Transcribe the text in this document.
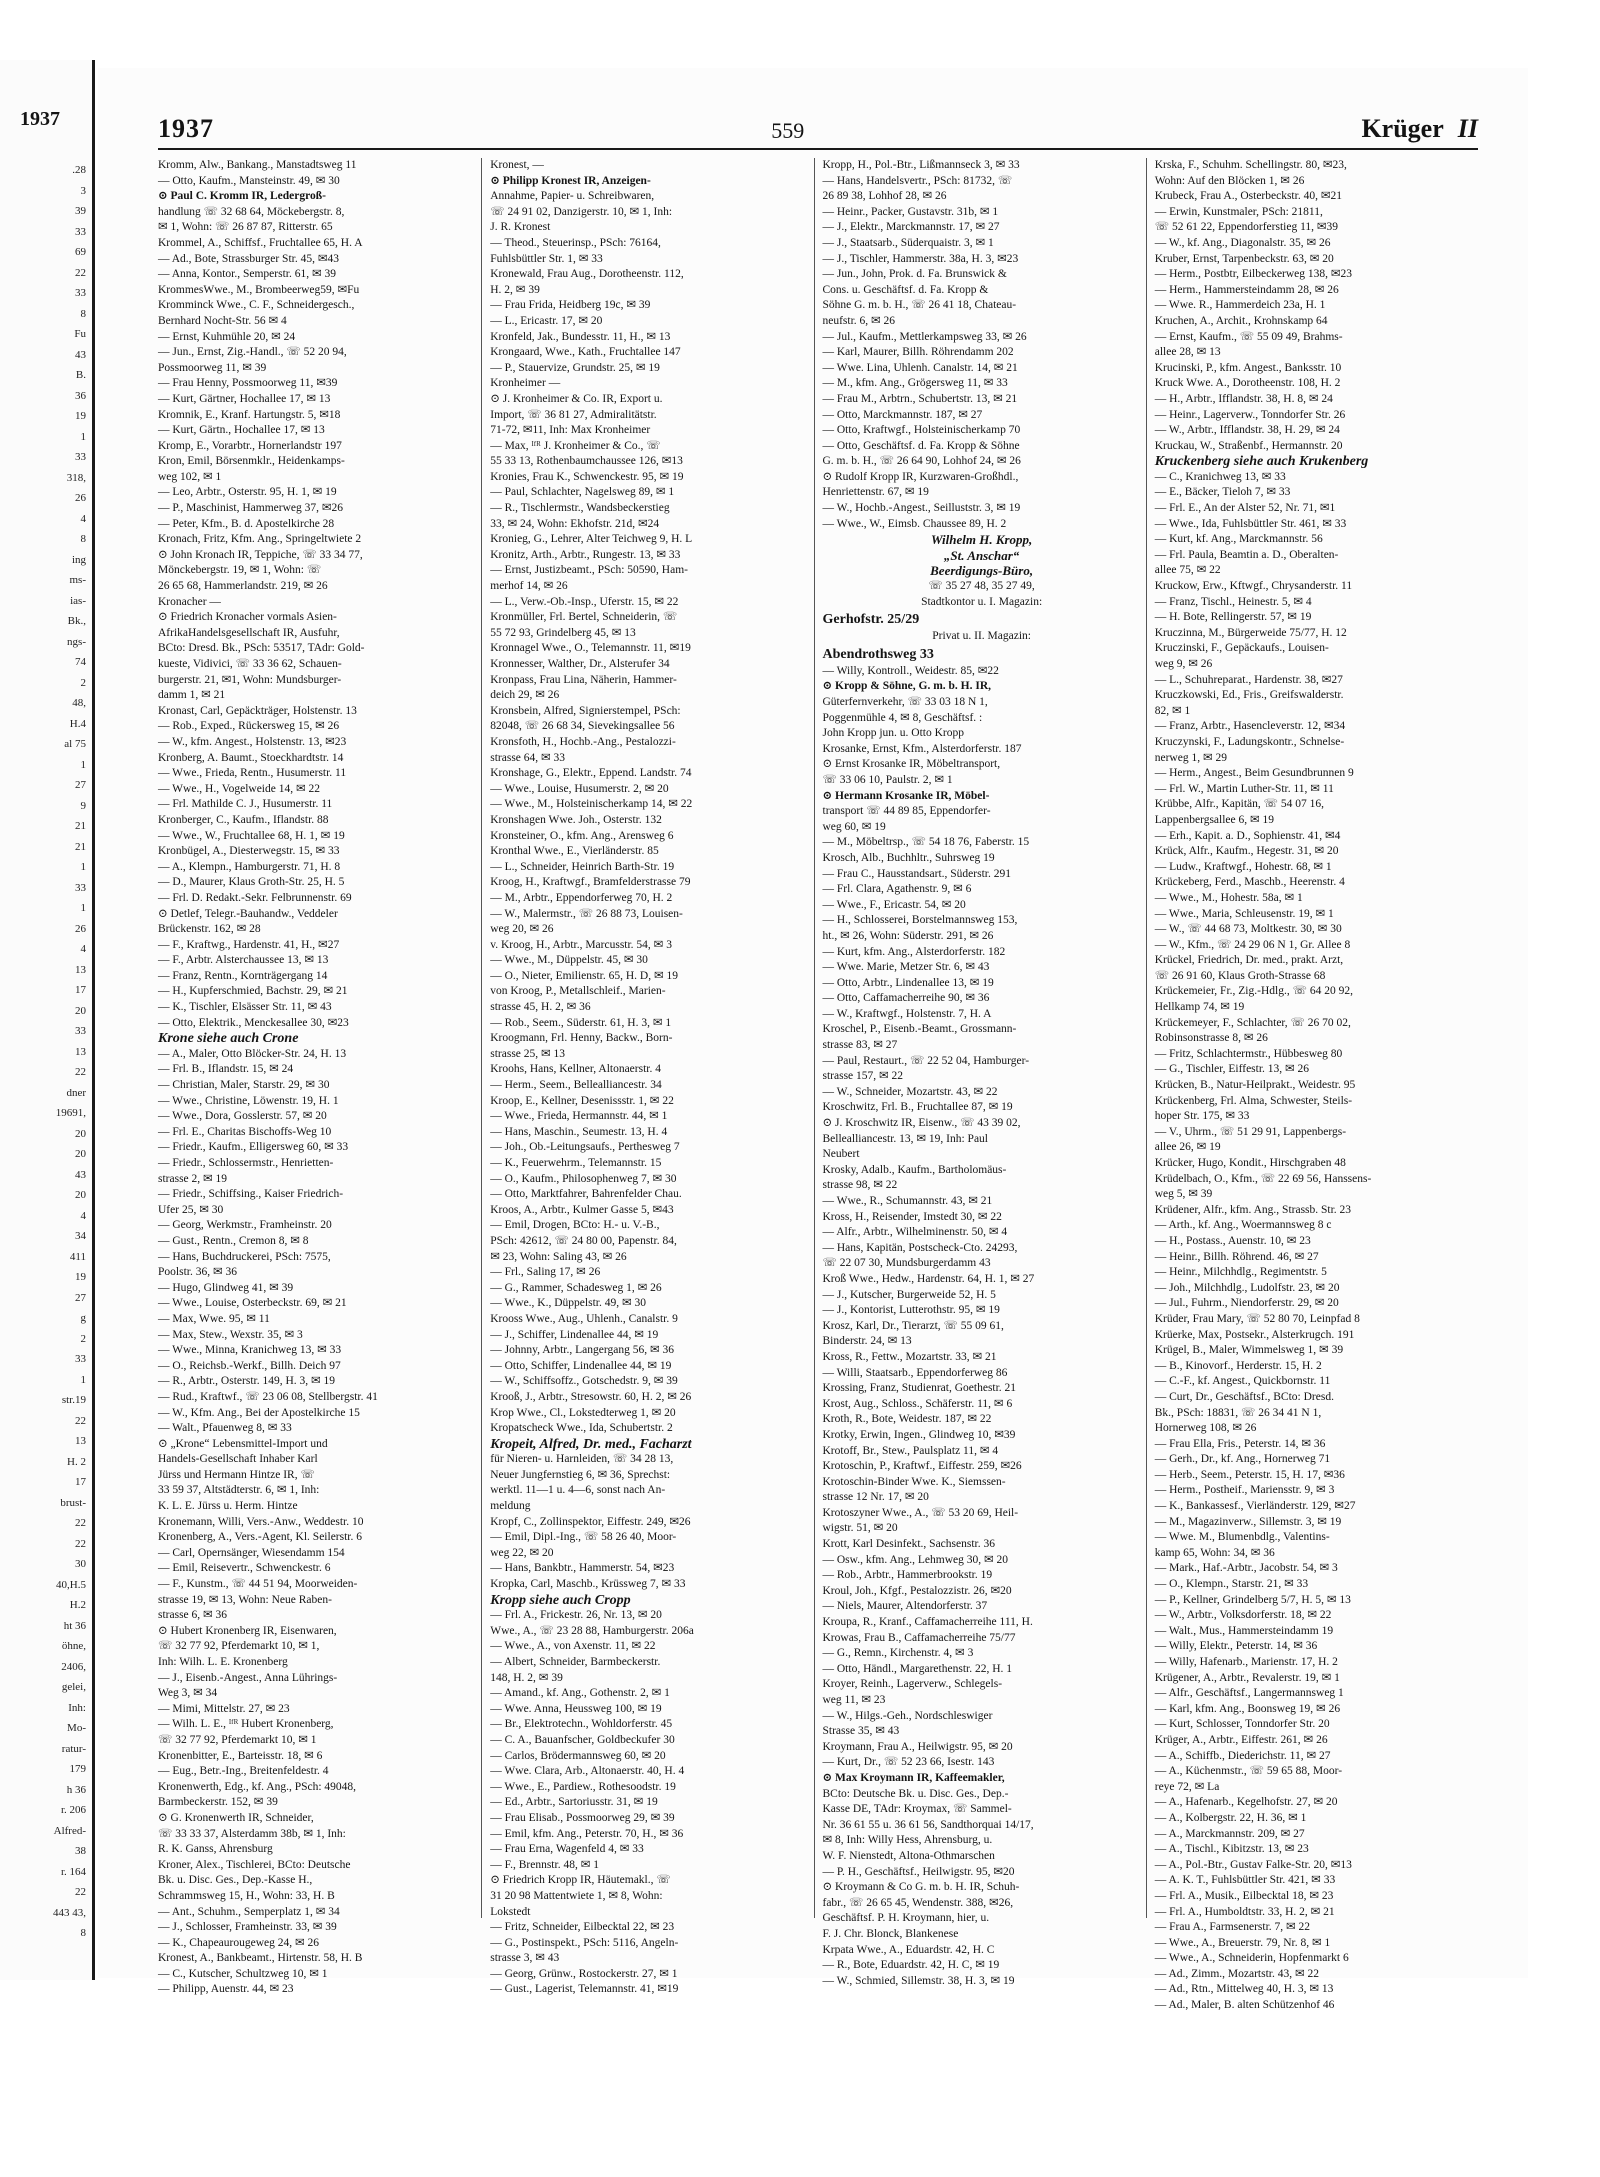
1937
.28
3
39
33
69
22
33
8
Fu
43
B.
36
19
1
33
318,
26
4
8
ing
ms-
ias-
Bk.,
ngs-
74
2
48,
H.4
al 75
1
27
9
21
21
1
33
1
26
4
13
17
20
33
13
22
dner
19691,
20
20
43
20
4
34
411
19
27
g
2
33
1
str.19
22
13
H. 2
17
brust-
22
22
30
40,H.5
H.2
ht 36
öhne,
2406,
gelei,
Inh:
Mo-
ratur-
179
h 36
r. 206
Alfred-
38
r. 164
22
443 43,
8
1937	559	Krüger II

Kromm, Alw., Bankang., Manstadtsweg 11

— Otto, Kaufm., Mansteinstr. 49, ✉ 30

⊙ Paul C. Kromm IR, Ledergroß-

handlung ☏ 32 68 64, Möckebergstr. 8,

✉ 1, Wohn: ☏ 26 87 87, Ritterstr. 65

Krommel, A., Schiffsf., Fruchtallee 65, H. A

— Ad., Bote, Strassburger Str. 45, ✉43

— Anna, Kontor., Semperstr. 61, ✉ 39

KrommesWwe., M., Brombeerweg59, ✉Fu

Kromminck Wwe., C. F., Schneidergesch.,

Bernhard Nocht-Str. 56 ✉ 4

— Ernst, Kuhmühle 20, ✉ 24

— Jun., Ernst, Zig.-Handl., ☏ 52 20 94,

Possmoorweg 11, ✉ 39

— Frau Henny, Possmoorweg 11, ✉39

— Kurt, Gärtner, Hochallee 17, ✉ 13

Kromnik, E., Kranf. Hartungstr. 5, ✉18

— Kurt, Gärtn., Hochallee 17, ✉ 13

Kromp, E., Vorarbtr., Hornerlandstr 197

Kron, Emil, Börsenmklr., Heidenkamps-

weg 102, ✉ 1

— Leo, Arbtr., Osterstr. 95, H. 1, ✉ 19

— P., Maschinist, Hammerweg 37, ✉26

— Peter, Kfm., B. d. Apostelkirche 28

Kronach, Fritz, Kfm. Ang., Springeltwiete 2

⊙ John Kronach IR, Teppiche, ☏ 33 34 77,

Mönckebergstr. 19, ✉ 1, Wohn: ☏

26 65 68, Hammerlandstr. 219, ✉ 26

Kronacher —

⊙ Friedrich Kronacher vormals Asien-

AfrikaHandelsgesellschaft IR, Ausfuhr,

BCto: Dresd. Bk., PSch: 53517, TAdr: Gold-

kueste, Vidivici, ☏ 33 36 62, Schauen-

burgerstr. 21, ✉1, Wohn: Mundsburger-

damm 1, ✉ 21

Kronast, Carl, Gepäckträger, Holstenstr. 13

— Rob., Exped., Rückersweg 15, ✉ 26

— W., kfm. Angest., Holstenstr. 13, ✉23

Kronberg, A. Baumt., Stoeckhardtstr. 14

— Wwe., Frieda, Rentn., Husumerstr. 11

— Wwe., H., Vogelweide 14, ✉ 22

— Frl. Mathilde C. J., Husumerstr. 11

Kronberger, C., Kaufm., Iflandstr. 88

— Wwe., W., Fruchtallee 68, H. 1, ✉ 19

Kronbügel, A., Diesterwegstr. 15, ✉ 33

— A., Klempn., Hamburgerstr. 71, H. 8

— D., Maurer, Klaus Groth-Str. 25, H. 5

— Frl. D. Redakt.-Sekr. Felbrunnenstr. 69

⊙ Detlef, Telegr.-Bauhandw., Veddeler

Brückenstr. 162, ✉ 28

— F., Kraftwg., Hardenstr. 41, H., ✉27

— F., Arbtr. Alsterchaussee 13, ✉ 13

— Franz, Rentn., Kornträgergang 14

— H., Kupferschmied, Bachstr. 29, ✉ 21

— K., Tischler, Elsässer Str. 11, ✉ 43

— Otto, Elektrik., Menckesallee 30, ✉23

Krone siehe auch Crone

— A., Maler, Otto Blöcker-Str. 24, H. 13

— Frl. B., Iflandstr. 15, ✉ 24

— Christian, Maler, Starstr. 29, ✉ 30

— Wwe., Christine, Löwenstr. 19, H. 1

— Wwe., Dora, Gosslerstr. 57, ✉ 20

— Frl. E., Charitas Bischoffs-Weg 10

— Friedr., Kaufm., Elligersweg 60, ✉ 33

— Friedr., Schlossermstr., Henrietten-

strasse 2, ✉ 19

— Friedr., Schiffsing., Kaiser Friedrich-

Ufer 25, ✉ 30

— Georg, Werkmstr., Framheinstr. 20

— Gust., Rentn., Cremon 8, ✉ 8

— Hans, Buchdruckerei, PSch: 7575,

Poolstr. 36, ✉ 36

— Hugo, Glindweg 41, ✉ 39

— Wwe., Louise, Osterbeckstr. 69, ✉ 21

— Max, Wwe. 95, ✉ 11

— Max, Stew., Wexstr. 35, ✉ 3

— Wwe., Minna, Kranichweg 13, ✉ 33

— O., Reichsb.-Werkf., Billh. Deich 97

— R., Arbtr., Osterstr. 149, H. 3, ✉ 19

— Rud., Kraftwf., ☏ 23 06 08, Stellbergstr. 41

— W., Kfm. Ang., Bei der Apostelkirche 15

— Walt., Pfauenweg 8, ✉ 33

⊙ „Krone“ Lebensmittel-Import und

Handels-Gesellschaft Inhaber Karl

Jürss und Hermann Hintze IR, ☏

33 59 37, Altstädterstr. 6, ✉ 1, Inh:

K. L. E. Jürss u. Herm. Hintze

Kronemann, Willi, Vers.-Anw., Weddestr. 10

Kronenberg, A., Vers.-Agent, Kl. Seilerstr. 6

— Carl, Opernsänger, Wiesendamm 154

— Emil, Reisevertr., Schwenckestr. 6

— F., Kunstm., ☏ 44 51 94, Moorweiden-

strasse 19, ✉ 13, Wohn: Neue Raben-

strasse 6, ✉ 36

⊙ Hubert Kronenberg IR, Eisenwaren,

☏ 32 77 92, Pferdemarkt 10, ✉ 1,

Inh: Wilh. L. E. Kronenberg

— J., Eisenb.-Angest., Anna Lührings-

Weg 3, ✉ 34

— Mimi, Mittelstr. 27, ✉ 23

— Wilh. L. E., ᴵᶠᴿ Hubert Kronenberg,

☏ 32 77 92, Pferdemarkt 10, ✉ 1

Kronenbitter, E., Barteisstr. 18, ✉ 6

— Eug., Betr.-Ing., Breitenfeldestr. 4

Kronenwerth, Edg., kf. Ang., PSch: 49048,

Barmbeckerstr. 152, ✉ 39

⊙ G. Kronenwerth IR, Schneider,

☏ 33 33 37, Alsterdamm 38b, ✉ 1, Inh:

R. K. Ganss, Ahrensburg

Kroner, Alex., Tischlerei, BCto: Deutsche

Bk. u. Disc. Ges., Dep.-Kasse H.,

Schrammsweg 15, H., Wohn: 33, H. B

— Ant., Schuhm., Semperplatz 1, ✉ 34

— J., Schlosser, Framheinstr. 33, ✉ 39

— K., Chapeaurougeweg 24, ✉ 26

Kronest, A., Bankbeamt., Hirtenstr. 58, H. B

— C., Kutscher, Schultzweg 10, ✉ 1

— Philipp, Auenstr. 44, ✉ 23

Kronest, —

⊙ Philipp Kronest IR, Anzeigen-

Annahme, Papier- u. Schreibwaren,

☏ 24 91 02, Danzigerstr. 10, ✉ 1, Inh:

J. R. Kronest

— Theod., Steuerinsp., PSch: 76164,

Fuhlsbüttler Str. 1, ✉ 33

Kronewald, Frau Aug., Dorotheenstr. 112,

H. 2, ✉ 39

— Frau Frida, Heidberg 19c, ✉ 39

— L., Ericastr. 17, ✉ 20

Kronfeld, Jak., Bundesstr. 11, H., ✉ 13

Krongaard, Wwe., Kath., Fruchtallee 147

— P., Stauervize, Grundstr. 25, ✉ 19

Kronheimer —

⊙ J. Kronheimer & Co. IR, Export u.

Import, ☏ 36 81 27, Admiralitätstr.

71-72, ✉11, Inh: Max Kronheimer

— Max, ᴵᶠᴿ J. Kronheimer & Co., ☏

55 33 13, Rothenbaumchaussee 126, ✉13

Kronies, Frau K., Schwenckestr. 95, ✉ 19

— Paul, Schlachter, Nagelsweg 89, ✉ 1

— R., Tischlermstr., Wandsbeckerstieg

33, ✉ 24, Wohn: Ekhofstr. 21d, ✉24

Kronieg, G., Lehrer, Alter Teichweg 9, H. L

Kronitz, Arth., Arbtr., Rungestr. 13, ✉ 33

— Ernst, Justizbeamt., PSch: 50590, Ham-

merhof 14, ✉ 26

— L., Verw.-Ob.-Insp., Uferstr. 15, ✉ 22

Kronmüller, Frl. Bertel, Schneiderin, ☏

55 72 93, Grindelberg 45, ✉ 13

Kronnagel Wwe., O., Telemannstr. 11, ✉19

Kronnesser, Walther, Dr., Alsterufer 34

Kronpass, Frau Lina, Näherin, Hammer-

deich 29, ✉ 26

Kronsbein, Alfred, Signierstempel, PSch:

82048, ☏ 26 68 34, Sievekingsallee 56

Kronsfoth, H., Hochb.-Ang., Pestalozzi-

strasse 64, ✉ 33

Kronshage, G., Elektr., Eppend. Landstr. 74

— Wwe., Louise, Husumerstr. 2, ✉ 20

— Wwe., M., Holsteinischerkamp 14, ✉ 22

Kronshagen Wwe. Joh., Osterstr. 132

Kronsteiner, O., kfm. Ang., Arensweg 6

Kronthal Wwe., E., Vierländerstr. 85

— L., Schneider, Heinrich Barth-Str. 19

Kroog, H., Kraftwgf., Bramfelderstrasse 79

— M., Arbtr., Eppendorferweg 70, H. 2

— W., Malermstr., ☏ 26 88 73, Louisen-

weg 20, ✉ 26

v. Kroog, H., Arbtr., Marcusstr. 54, ✉ 3

— Wwe., M., Düppelstr. 45, ✉ 30

— O., Nieter, Emilienstr. 65, H. D, ✉ 19

von Kroog, P., Metallschleif., Marien-

strasse 45, H. 2, ✉ 36

— Rob., Seem., Süderstr. 61, H. 3, ✉ 1

Kroogmann, Frl. Henny, Backw., Born-

strasse 25, ✉ 13

Kroohs, Hans, Kellner, Altonaerstr. 4

— Herm., Seem., Bellealliancestr. 34

Kroop, E., Kellner, Desenissstr. 1, ✉ 22

— Wwe., Frieda, Hermannstr. 44, ✉ 1

— Hans, Maschin., Seumestr. 13, H. 4

— Joh., Ob.-Leitungsaufs., Perthesweg 7

— K., Feuerwehrm., Telemannstr. 15

— O., Kaufm., Philosophenweg 7, ✉ 30

— Otto, Marktfahrer, Bahrenfelder Chau.

Kroos, A., Arbtr., Kulmer Gasse 5, ✉43

— Emil, Drogen, BCto: H.- u. V.-B.,

PSch: 42612, ☏ 24 80 00, Papenstr. 84,

✉ 23, Wohn: Saling 43, ✉ 26

— Frl., Saling 17, ✉ 26

— G., Rammer, Schadesweg 1, ✉ 26

— Wwe., K., Düppelstr. 49, ✉ 30

Krooss Wwe., Aug., Uhlenh., Canalstr. 9

— J., Schiffer, Lindenallee 44, ✉ 19

— Johnny, Arbtr., Langergang 56, ✉ 36

— Otto, Schiffer, Lindenallee 44, ✉ 19

— W., Schiffsoffz., Gotschedstr. 9, ✉ 39

Krooß, J., Arbtr., Stresowstr. 60, H. 2, ✉ 26

Krop Wwe., Cl., Lokstedterweg 1, ✉ 20

Kropatscheck Wwe., Ida, Schubertstr. 2

Kropeit, Alfred, Dr. med., Facharzt

für Nieren- u. Harnleiden, ☏ 34 28 13,

Neuer Jungfernstieg 6, ✉ 36, Sprechst:

werktl. 11—1 u. 4—6, sonst nach An-

meldung

Kropf, C., Zollinspektor, Eiffestr. 249, ✉26

— Emil, Dipl.-Ing., ☏ 58 26 40, Moor-

weg 22, ✉ 20

— Hans, Bankbtr., Hammerstr. 54, ✉23

Kropka, Carl, Maschb., Krüssweg 7, ✉ 33

Kropp siehe auch Cropp

— Frl. A., Frickestr. 26, Nr. 13, ✉ 20

Wwe., A., ☏ 23 28 88, Hamburgerstr. 206a

— Wwe., A., von Axenstr. 11, ✉ 22

— Albert, Schneider, Barmbeckerstr.

148, H. 2, ✉ 39

— Amand., kf. Ang., Gothenstr. 2, ✉ 1

— Wwe. Anna, Heussweg 100, ✉ 19

— Br., Elektrotechn., Wohldorferstr. 45

— C. A., Bauanfscher, Goldbeckufer 30

— Carlos, Brödermannsweg 60, ✉ 20

— Wwe. Clara, Arb., Altonaerstr. 40, H. 4

— Wwe., E., Pardiew., Rothesoodstr. 19

— Ed., Arbtr., Sartoriusstr. 31, ✉ 19

— Frau Elisab., Possmoorweg 29, ✉ 39

— Emil, kfm. Ang., Peterstr. 70, H., ✉ 36

— Frau Erna, Wagenfeld 4, ✉ 33

— F., Brennstr. 48, ✉ 1

⊙ Friedrich Kropp IR, Häutemakl., ☏

31 20 98 Mattentwiete 1, ✉ 8, Wohn:

Lokstedt

— Fritz, Schneider, Eilbecktal 22, ✉ 23

— G., Postinspekt., PSch: 5116, Angeln-

strasse 3, ✉ 43

— Georg, Grünw., Rostockerstr. 27, ✉ 1

— Gust., Lagerist, Telemannstr. 41, ✉19

Kropp, H., Pol.-Btr., Lißmannseck 3, ✉ 33

— Hans, Handelsvertr., PSch: 81732, ☏

26 89 38, Lohhof 28, ✉ 26

— Heinr., Packer, Gustavstr. 31b, ✉ 1

— J., Elektr., Marckmannstr. 17, ✉ 27

— J., Staatsarb., Süderquaistr. 3, ✉ 1

— J., Tischler, Hammerstr. 38a, H. 3, ✉23

— Jun., John, Prok. d. Fa. Brunswick &

Cons. u. Geschäftsf. d. Fa. Kropp &

Söhne G. m. b. H., ☏ 26 41 18, Chateau-

neufstr. 6, ✉ 26

— Jul., Kaufm., Mettlerkampsweg 33, ✉ 26

— Karl, Maurer, Billh. Röhrendamm 202

— Wwe. Lina, Uhlenh. Canalstr. 14, ✉ 21

— M., kfm. Ang., Grögersweg 11, ✉ 33

— Frau M., Arbtrn., Schubertstr. 13, ✉ 21

— Otto, Marckmannstr. 187, ✉ 27

— Otto, Kraftwgf., Holsteinischerkamp 70

— Otto, Geschäftsf. d. Fa. Kropp & Söhne

G. m. b. H., ☏ 26 64 90, Lohhof 24, ✉ 26

⊙ Rudolf Kropp IR, Kurzwaren-Großhdl.,

Henriettenstr. 67, ✉ 19

— W., Hochb.-Angest., Seilluststr. 3, ✉ 19

— Wwe., W., Eimsb. Chaussee 89, H. 2

Wilhelm H. Kropp,

„St. Anschar“

Beerdigungs-Büro,

☏ 35 27 48, 35 27 49,

Stadtkontor u. I. Magazin:

Gerhofstr. 25/29

Privat u. II. Magazin:

Abendrothsweg 33

— Willy, Kontroll., Weidestr. 85, ✉22

⊙ Kropp & Söhne, G. m. b. H. IR,

Güterfernverkehr, ☏ 33 03 18 N 1,

Poggenmühle 4, ✉ 8, Geschäftsf. :

John Kropp jun. u. Otto Kropp

Krosanke, Ernst, Kfm., Alsterdorferstr. 187

⊙ Ernst Krosanke IR, Möbeltransport,

☏ 33 06 10, Paulstr. 2, ✉ 1

⊙ Hermann Krosanke IR, Möbel-

transport ☏ 44 89 85, Eppendorfer-

weg 60, ✉ 19

— M., Möbeltrsp., ☏ 54 18 76, Faberstr. 15

Krosch, Alb., Buchhltr., Suhrsweg 19

— Frau C., Hausstandsart., Süderstr. 291

— Frl. Clara, Agathenstr. 9, ✉ 6

— Wwe., F., Ericastr. 54, ✉ 20

— H., Schlosserei, Borstelmannsweg 153,

ht., ✉ 26, Wohn: Süderstr. 291, ✉ 26

— Kurt, kfm. Ang., Alsterdorferstr. 182

— Wwe. Marie, Metzer Str. 6, ✉ 43

— Otto, Arbtr., Lindenallee 13, ✉ 19

— Otto, Caffamacherreihe 90, ✉ 36

— W., Kraftwgf., Holstenstr. 7, H. A

Kroschel, P., Eisenb.-Beamt., Grossmann-

strasse 83, ✉ 27

— Paul, Restaurt., ☏ 22 52 04, Hamburger-

strasse 157, ✉ 22

— W., Schneider, Mozartstr. 43, ✉ 22

Kroschwitz, Frl. B., Fruchtallee 87, ✉ 19

⊙ J. Kroschwitz IR, Eisenw., ☏ 43 39 02,

Bellealliancestr. 13, ✉ 19, Inh: Paul

Neubert

Krosky, Adalb., Kaufm., Bartholomäus-

strasse 98, ✉ 22

— Wwe., R., Schumannstr. 43, ✉ 21

Kross, H., Reisender, Imstedt 30, ✉ 22

— Alfr., Arbtr., Wilhelminenstr. 50, ✉ 4

— Hans, Kapitän, Postscheck-Cto. 24293,

☏ 22 07 30, Mundsburgerdamm 43

Kroß Wwe., Hedw., Hardenstr. 64, H. 1, ✉ 27

— J., Kutscher, Burgerweide 52, H. 5

— J., Kontorist, Lutterothstr. 95, ✉ 19

Krosz, Karl, Dr., Tierarzt, ☏ 55 09 61,

Binderstr. 24, ✉ 13

Kross, R., Fettw., Mozartstr. 33, ✉ 21

— Willi, Staatsarb., Eppendorferweg 86

Krossing, Franz, Studienrat, Goethestr. 21

Krost, Aug., Schloss., Schäferstr. 11, ✉ 6

Kroth, R., Bote, Weidestr. 187, ✉ 22

Krotky, Erwin, Ingen., Glindweg 10, ✉39

Krotoff, Br., Stew., Paulsplatz 11, ✉ 4

Krotoschin, P., Kraftwf., Eiffestr. 259, ✉26

Krotoschin-Binder Wwe. K., Siemssen-

strasse 12 Nr. 17, ✉ 20

Krotoszyner Wwe., A., ☏ 53 20 69, Heil-

wigstr. 51, ✉ 20

Krott, Karl Desinfekt., Sachsenstr. 36

— Osw., kfm. Ang., Lehmweg 30, ✉ 20

— Rob., Arbtr., Hammerbrookstr. 19

Kroul, Joh., Kfgf., Pestalozzistr. 26, ✉20

— Niels, Maurer, Altendorferstr. 37

Kroupa, R., Kranf., Caffamacherreihe 111, H.

Krowas, Frau B., Caffamacherreihe 75/77

— G., Remn., Kirchenstr. 4, ✉ 3

— Otto, Händl., Margarethenstr. 22, H. 1

Kroyer, Reinh., Lagerverw., Schlegels-

weg 11, ✉ 23

— W., Hilgs.-Geh., Nordschleswiger

Strasse 35, ✉ 43

Kroymann, Frau A., Heilwigstr. 95, ✉ 20

— Kurt, Dr., ☏ 52 23 66, Isestr. 143

⊙ Max Kroymann IR, Kaffeemakler,

BCto: Deutsche Bk. u. Disc. Ges., Dep.-

Kasse DE, TAdr: Kroymax, ☏ Sammel-

Nr. 36 61 55 u. 36 61 56, Sandthorquai 14/17,

✉ 8, Inh: Willy Hess, Ahrensburg, u.

W. F. Nienstedt, Altona-Othmarschen

— P. H., Geschäftsf., Heilwigstr. 95, ✉20

⊙ Kroymann & Co G. m. b. H. IR, Schuh-

fabr., ☏ 26 65 45, Wendenstr. 388, ✉26,

Geschäftsf. P. H. Kroymann, hier, u.

F. J. Chr. Blonck, Blankenese

Krpata Wwe., A., Eduardstr. 42, H. C

— R., Bote, Eduardstr. 42, H. C, ✉ 19

— W., Schmied, Sillemstr. 38, H. 3, ✉ 19

Krska, F., Schuhm. Schellingstr. 80, ✉23,

Wohn: Auf den Blöcken 1, ✉ 26

Krubeck, Frau A., Osterbeckstr. 40, ✉21

— Erwin, Kunstmaler, PSch: 21811,

☏ 52 61 22, Eppendorferstieg 11, ✉39

— W., kf. Ang., Diagonalstr. 35, ✉ 26

Kruber, Ernst, Tarpenbeckstr. 63, ✉ 20

— Herm., Postbtr, Eilbeckerweg 138, ✉23

— Herm., Hammersteindamm 28, ✉ 26

— Wwe. R., Hammerdeich 23a, H. 1

Kruchen, A., Archit., Krohnskamp 64

— Ernst, Kaufm., ☏ 55 09 49, Brahms-

allee 28, ✉ 13

Krucinski, P., kfm. Angest., Banksstr. 10

Kruck Wwe. A., Dorotheenstr. 108, H. 2

— H., Arbtr., Ifflandstr. 38, H. 8, ✉ 24

— Heinr., Lagerverw., Tonndorfer Str. 26

— W., Arbtr., Ifflandstr. 38, H. 29, ✉ 24

Kruckau, W., Straßenbf., Hermannstr. 20

Kruckenberg siehe auch Krukenberg

— C., Kranichweg 13, ✉ 33

— E., Bäcker, Tieloh 7, ✉ 33

— Frl. E., An der Alster 52, Nr. 71, ✉1

— Wwe., Ida, Fuhlsbüttler Str. 461, ✉ 33

— Kurt, kf. Ang., Marckmannstr. 56

— Frl. Paula, Beamtin a. D., Oberalten-

allee 75, ✉ 22

Kruckow, Erw., Kftwgf., Chrysanderstr. 11

— Franz, Tischl., Heinestr. 5, ✉ 4

— H. Bote, Rellingerstr. 57, ✉ 19

Kruczinna, M., Bürgerweide 75/77, H. 12

Kruczinski, F., Gepäckaufs., Louisen-

weg 9, ✉ 26

— L., Schuhreparat., Hardenstr. 38, ✉27

Kruczkowski, Ed., Fris., Greifswalderstr.

82, ✉ 1

— Franz, Arbtr., Hasencleverstr. 12, ✉34

Kruczynski, F., Ladungskontr., Schnelse-

nerweg 1, ✉ 29

— Herm., Angest., Beim Gesundbrunnen 9

— Frl. W., Martin Luther-Str. 11, ✉ 11

Krübbe, Alfr., Kapitän, ☏ 54 07 16,

Lappenbergsallee 6, ✉ 19

— Erh., Kapit. a. D., Sophienstr. 41, ✉4

Krück, Alfr., Kaufm., Hegestr. 31, ✉ 20

— Ludw., Kraftwgf., Hohestr. 68, ✉ 1

Krückeberg, Ferd., Maschb., Heerenstr. 4

— Wwe., M., Hohestr. 58a, ✉ 1

— Wwe., Maria, Schleusenstr. 19, ✉ 1

— W., ☏ 44 68 73, Moltkestr. 30, ✉ 30

— W., Kfm., ☏ 24 29 06 N 1, Gr. Allee 8

Krückel, Friedrich, Dr. med., prakt. Arzt,

☏ 26 91 60, Klaus Groth-Strasse 68

Krückemeier, Fr., Zig.-Hdlg., ☏ 64 20 92,

Hellkamp 74, ✉ 19

Krückemeyer, F., Schlachter, ☏ 26 70 02,

Robinsonstrasse 8, ✉ 26

— Fritz, Schlachtermstr., Hübbesweg 80

— G., Tischler, Eiffestr. 13, ✉ 26

Krücken, B., Natur-Heilprakt., Weidestr. 95

Krückenberg, Frl. Alma, Schwester, Steils-

hoper Str. 175, ✉ 33

— V., Uhrm., ☏ 51 29 91, Lappenbergs-

allee 26, ✉ 19

Krücker, Hugo, Kondit., Hirschgraben 48

Krüdelbach, O., Kfm., ☏ 22 69 56, Hanssens-

weg 5, ✉ 39

Krüdener, Alfr., kfm. Ang., Strassb. Str. 23

— Arth., kf. Ang., Woermannsweg 8 c

— H., Postass., Auenstr. 10, ✉ 23

— Heinr., Billh. Röhrend. 46, ✉ 27

— Heinr., Milchhdlg., Regimentstr. 5

— Joh., Milchhdlg., Ludolfstr. 23, ✉ 20

— Jul., Fuhrm., Niendorferstr. 29, ✉ 20

Krüder, Frau Mary, ☏ 52 80 70, Leinpfad 8

Krüerke, Max, Postsekr., Alsterkrugch. 191

Krügel, B., Maler, Wimmelsweg 1, ✉ 39

— B., Kinovorf., Herderstr. 15, H. 2

— C.-F., kf. Angest., Quickbornstr. 11

— Curt, Dr., Geschäftsf., BCto: Dresd.

Bk., PSch: 18831, ☏ 26 34 41 N 1,

Hornerweg 108, ✉ 26

— Frau Ella, Fris., Peterstr. 14, ✉ 36

— Gerh., Dr., kf. Ang., Hornerweg 71

— Herb., Seem., Peterstr. 15, H. 17, ✉36

— Herm., Postheif., Mariensstr. 9, ✉ 3

— K., Bankassesf., Vierländerstr. 129, ✉27

— M., Magazinverw., Sillemstr. 3, ✉ 19

— Wwe. M., Blumenbdlg., Valentins-

kamp 65, Wohn: 34, ✉ 36

— Mark., Haf.-Arbtr., Jacobstr. 54, ✉ 3

— O., Klempn., Starstr. 21, ✉ 33

— P., Kellner, Grindelberg 5/7, H. 5, ✉ 13

— W., Arbtr., Volksdorferstr. 18, ✉ 22

— Walt., Mus., Hammersteindamm 19

— Willy, Elektr., Peterstr. 14, ✉ 36

— Willy, Hafenarb., Marienstr. 17, H. 2

Krügener, A., Arbtr., Revalerstr. 19, ✉ 1

— Alfr., Geschäftsf., Langermannsweg 1

— Karl, kfm. Ang., Boonsweg 19, ✉ 26

— Kurt, Schlosser, Tonndorfer Str. 20

Krüger, A., Arbtr., Eiffestr. 261, ✉ 26

— A., Schiffb., Diederichstr. 11, ✉ 27

— A., Küchenmstr., ☏ 59 65 88, Moor-

reye 72, ✉ La

— A., Hafenarb., Kegelhofstr. 27, ✉ 20

— A., Kolbergstr. 22, H. 36, ✉ 1

— A., Marckmannstr. 209, ✉ 27

— A., Tischl., Kibitzstr. 13, ✉ 23

— A., Pol.-Btr., Gustav Falke-Str. 20, ✉13

— A. K. T., Fuhlsbüttler Str. 421, ✉ 33

— Frl. A., Musik., Eilbecktal 18, ✉ 23

— Frl. A., Humboldtstr. 33, H. 2, ✉ 21

— Frau A., Farmsenerstr. 7, ✉ 22

— Wwe., A., Breuerstr. 79, Nr. 8, ✉ 1

— Wwe., A., Schneiderin, Hopfenmarkt 6

— Ad., Zimm., Mozartstr. 43, ✉ 22

— Ad., Rtn., Mittelweg 40, H. 3, ✉ 13

— Ad., Maler, B. alten Schützenhof 46
